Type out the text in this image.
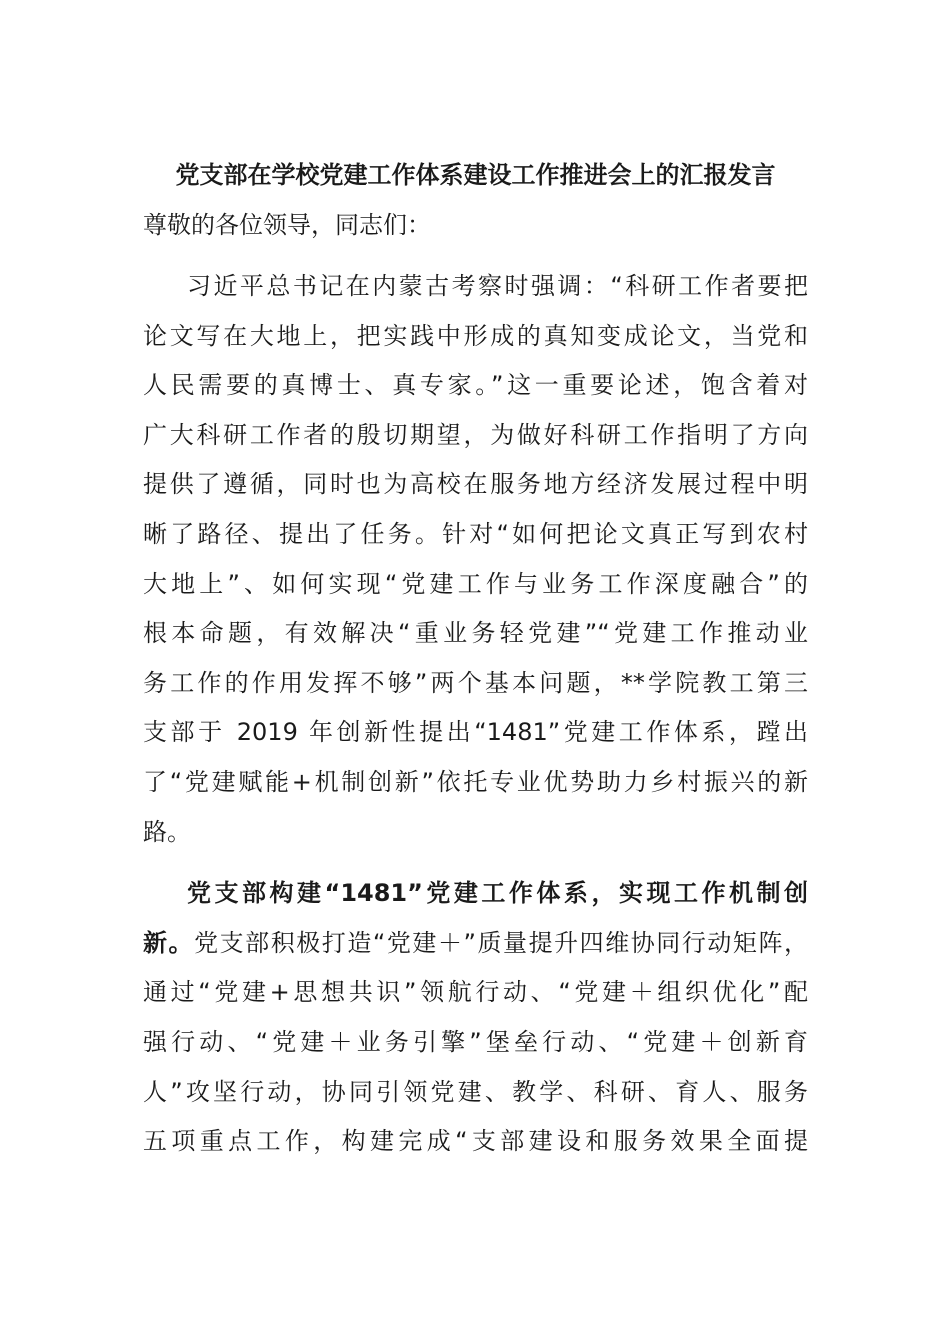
党支部在学校党建工作体系建设工作推进会上的汇报发言

尊敬的各位领导，同志们：

习近平总书记在内蒙古考察时强调：“科研工作者要把
论文写在大地上，把实践中形成的真知变成论文，当党和
人民需要的真博士、真专家。”这一重要论述，饱含着对
广大科研工作者的殷切期望，为做好科研工作指明了方向
提供了遵循，同时也为高校在服务地方经济发展过程中明
晰了路径、提出了任务。针对“如何把论文真正写到农村
大地上”、如何实现“党建工作与业务工作深度融合”的
根本命题，有效解决“重业务轻党建”“党建工作推动业
务工作的作用发挥不够”两个基本问题，**学院教工第三
支部于 2019 年创新性提出“1481”党建工作体系，蹚出
了“党建赋能+机制创新”依托专业优势助力乡村振兴的新
路。
党支部构建“1481”党建工作体系，实现工作机制创
新。党支部积极打造“党建＋”质量提升四维协同行动矩阵，
通过“党建+思想共识”领航行动、“党建＋组织优化”配
强行动、“党建＋业务引擎”堡垒行动、“党建＋创新育
人”攻坚行动，协同引领党建、教学、科研、育人、服务
五项重点工作，构建完成“支部建设和服务效果全面提
